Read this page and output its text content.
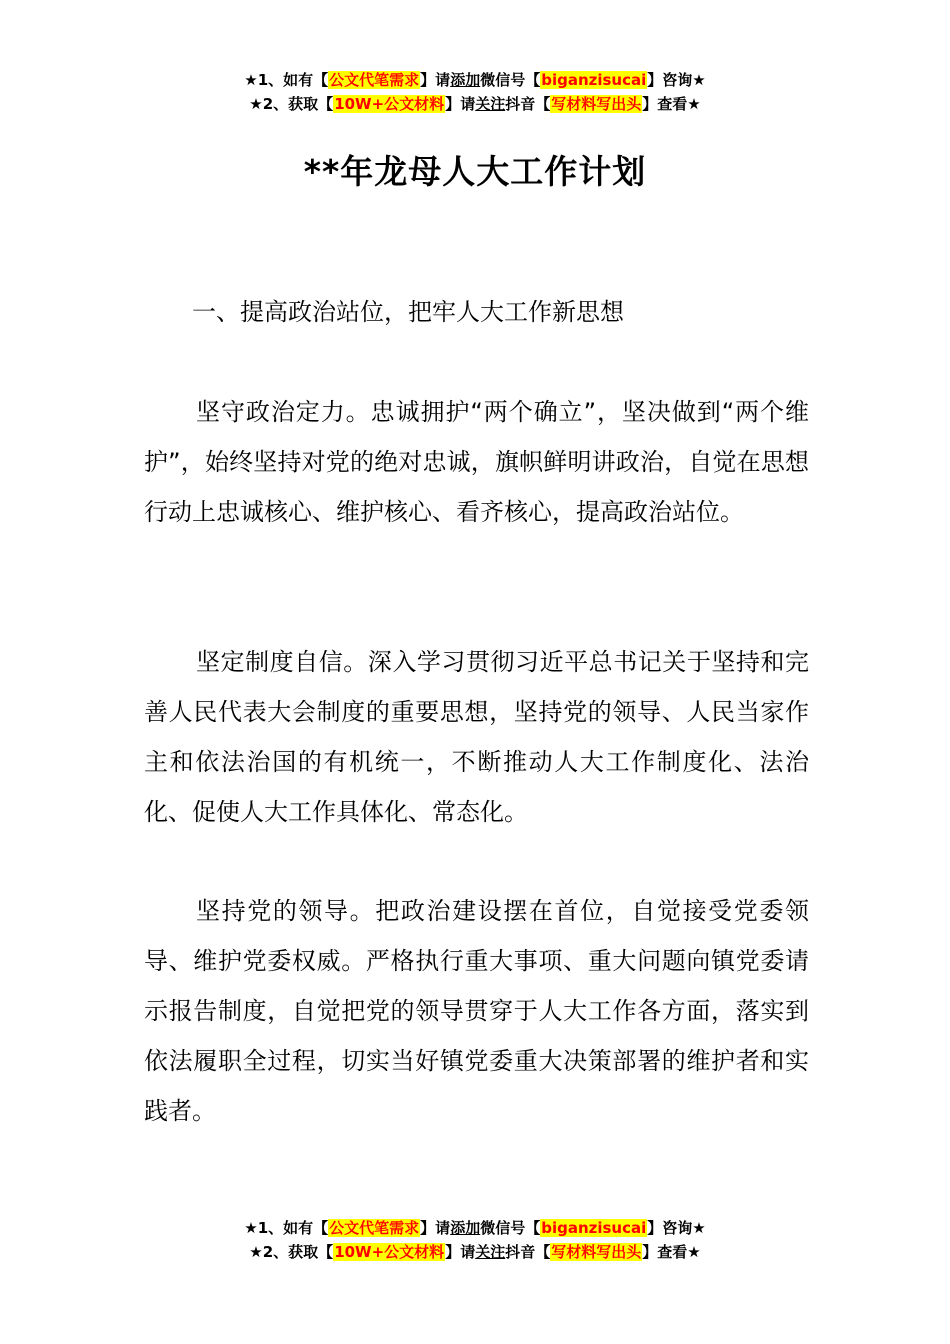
★1、如有【公文代笔需求】请添加微信号【biganzisucai】咨询★
★2、获取【10W+公文材料】请关注抖音【写材料写出头】查看★
**年龙母人大工作计划
一、提高政治站位，把牢人大工作新思想

坚守政治定力。忠诚拥护“两个确立”，坚决做到“两个维护”，始终坚持对党的绝对忠诚，旗帜鲜明讲政治，自觉在思想行动上忠诚核心、维护核心、看齐核心，提高政治站位。

坚定制度自信。深入学习贯彻习近平总书记关于坚持和完善人民代表大会制度的重要思想，坚持党的领导、人民当家作主和依法治国的有机统一，不断推动人大工作制度化、法治化、促使人大工作具体化、常态化。

坚持党的领导。把政治建设摆在首位，自觉接受党委领导、维护党委权威。严格执行重大事项、重大问题向镇党委请示报告制度，自觉把党的领导贯穿于人大工作各方面，落实到依法履职全过程，切实当好镇党委重大决策部署的维护者和实践者。

★1、如有【公文代笔需求】请添加微信号【biganzisucai】咨询★
★2、获取【10W+公文材料】请关注抖音【写材料写出头】查看★
